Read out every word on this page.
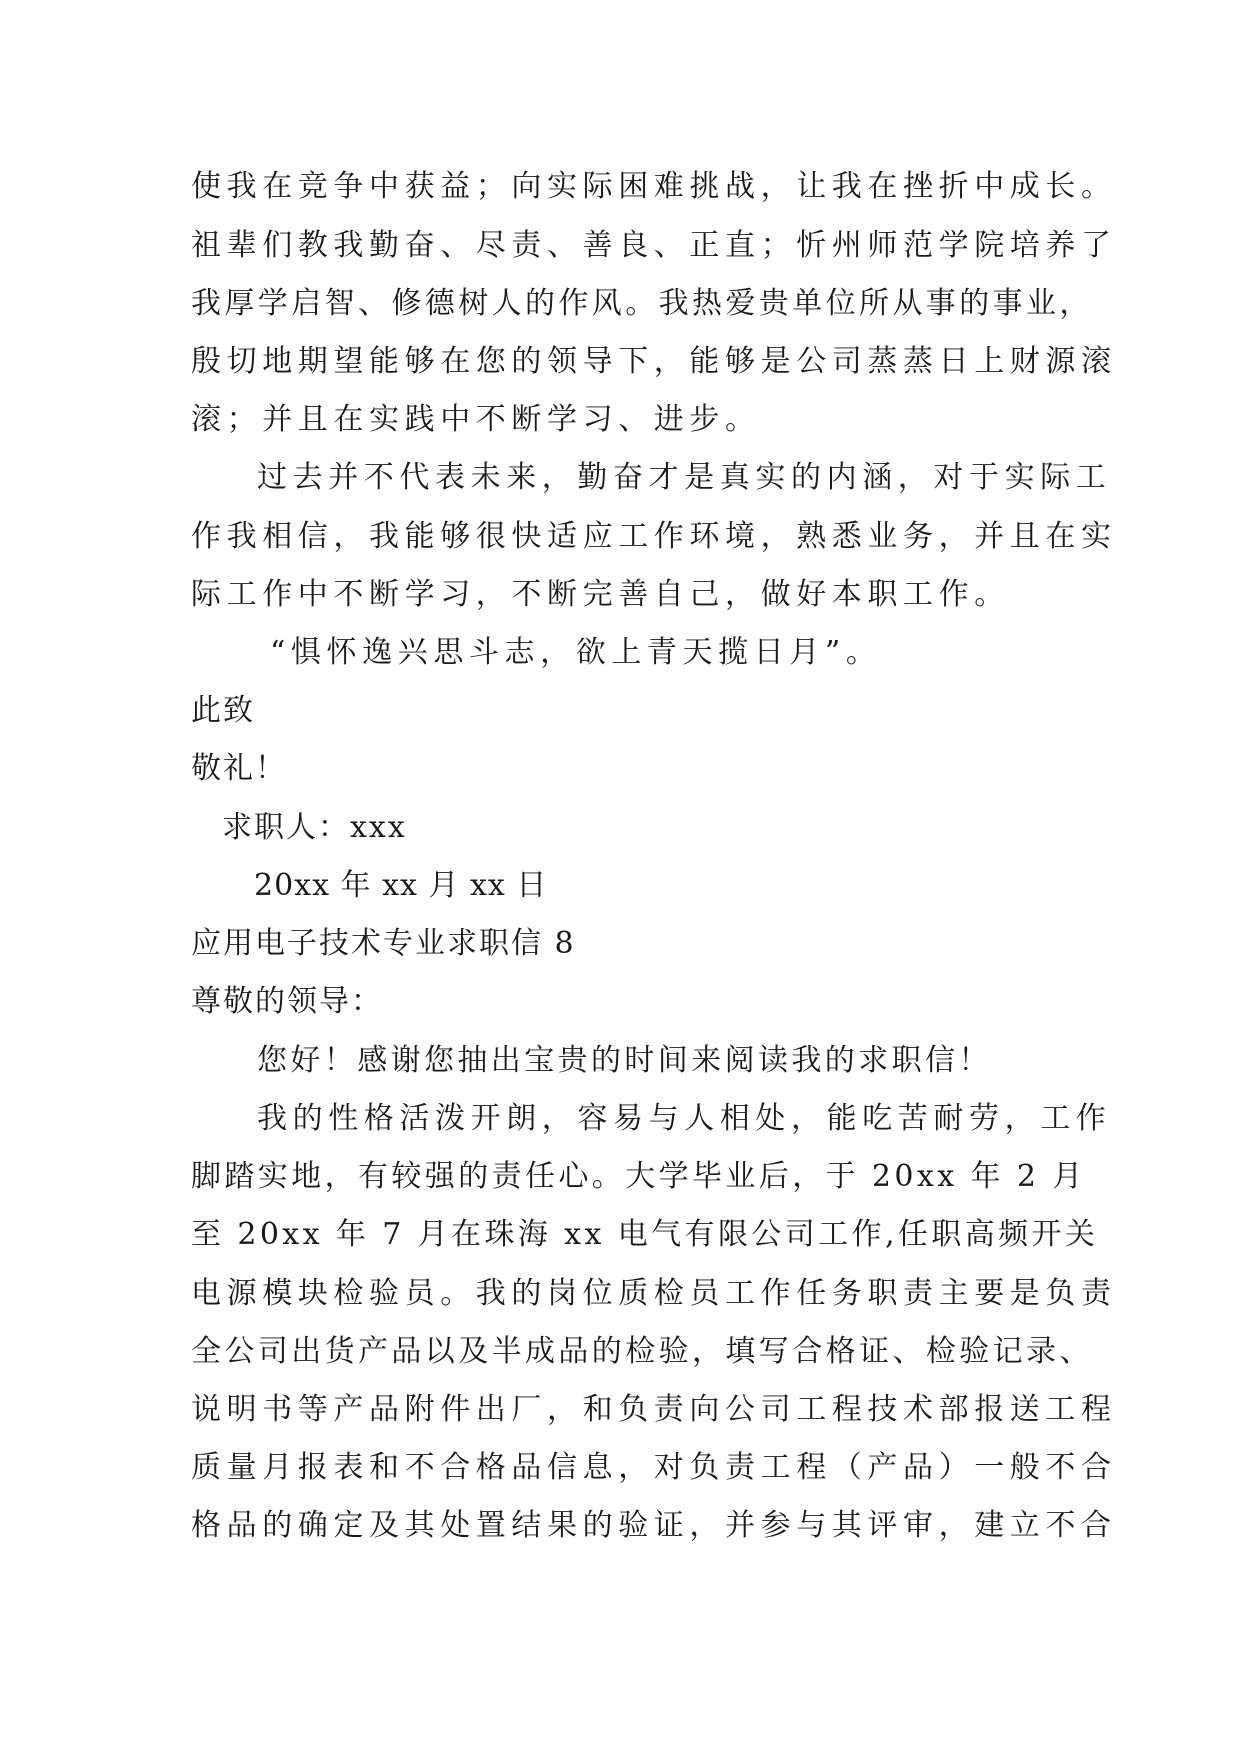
使我在竞争中获益；向实际困难挑战，让我在挫折中成长。
祖辈们教我勤奋、尽责、善良、正直；忻州师范学院培养了
我厚学启智、修德树人的作风。我热爱贵单位所从事的事业，
殷切地期望能够在您的领导下，能够是公司蒸蒸日上财源滚
滚；并且在实践中不断学习、进步。
过去并不代表未来，勤奋才是真实的内涵，对于实际工
作我相信，我能够很快适应工作环境，熟悉业务，并且在实
际工作中不断学习，不断完善自己，做好本职工作。
“惧怀逸兴思斗志，欲上青天揽日月”。
此致
敬礼！
求职人：xxx
20xx 年 xx 月 xx 日
应用电子技术专业求职信 8
尊敬的领导：
您好！感谢您抽出宝贵的时间来阅读我的求职信！
我的性格活泼开朗，容易与人相处，能吃苦耐劳，工作
脚踏实地，有较强的责任心。大学毕业后，于 20xx 年 2 月
至 20xx 年 7 月在珠海 xx 电气有限公司工作,任职高频开关
电源模块检验员。我的岗位质检员工作任务职责主要是负责
全公司出货产品以及半成品的检验，填写合格证、检验记录、
说明书等产品附件出厂，和负责向公司工程技术部报送工程
质量月报表和不合格品信息，对负责工程（产品）一般不合
格品的确定及其处置结果的验证，并参与其评审，建立不合
